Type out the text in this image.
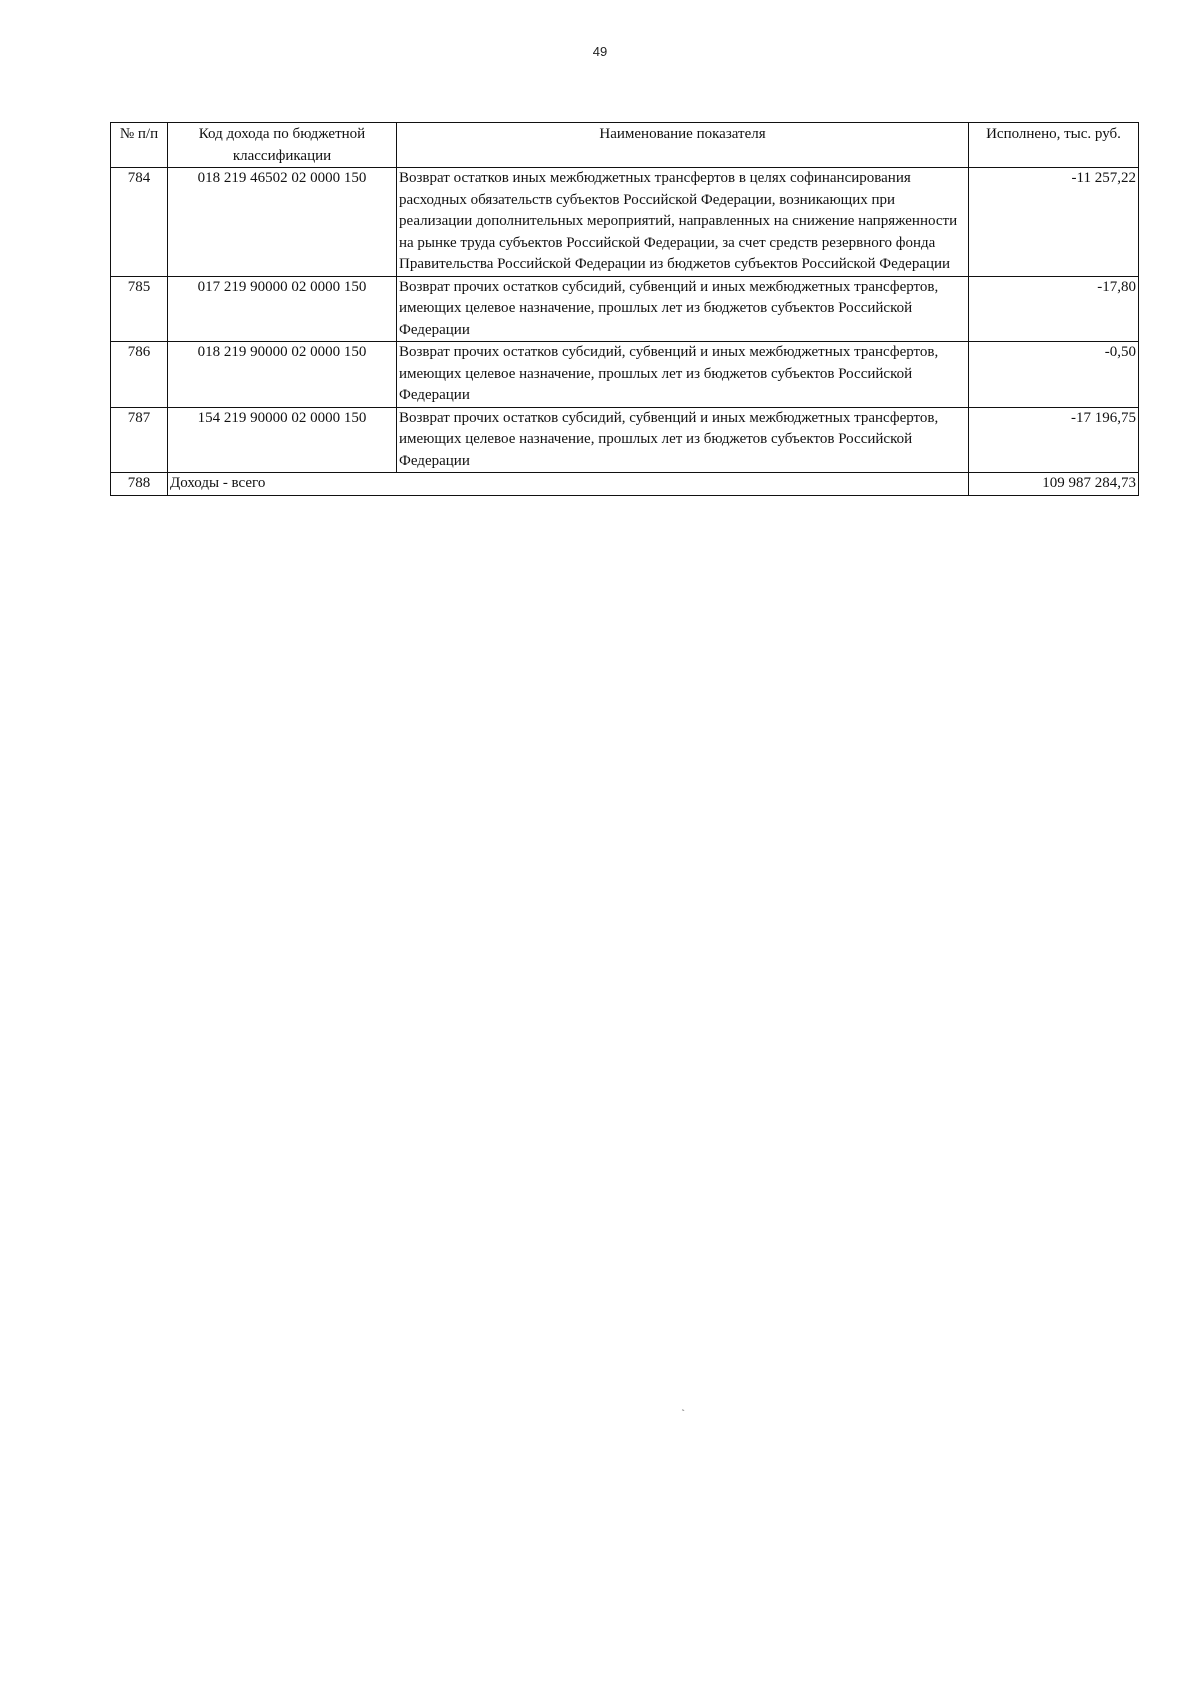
49
№ п/п	Код дохода по бюджетной классификации	Наименование показателя	Исполнено, тыс. руб.
784	018 219 46502 02 0000 150	Возврат остатков иных межбюджетных трансфертов в целях софинансирования расходных обязательств субъектов Российской Федерации, возникающих при реализации дополнительных мероприятий, направленных на снижение напряженности на рынке труда субъектов Российской Федерации, за счет средств резервного фонда Правительства Российской Федерации из бюджетов субъектов Российской Федерации	-11 257,22
785	017 219 90000 02 0000 150	Возврат прочих остатков субсидий, субвенций и иных межбюджетных трансфертов, имеющих целевое назначение, прошлых лет из бюджетов субъектов Российской Федерации	-17,80
786	018 219 90000 02 0000 150	Возврат прочих остатков субсидий, субвенций и иных межбюджетных трансфертов, имеющих целевое назначение, прошлых лет из бюджетов субъектов Российской Федерации	-0,50
787	154 219 90000 02 0000 150	Возврат прочих остатков субсидий, субвенций и иных межбюджетных трансфертов, имеющих целевое назначение, прошлых лет из бюджетов субъектов Российской Федерации	-17 196,75
788	Доходы - всего		109 987 284,73
`
